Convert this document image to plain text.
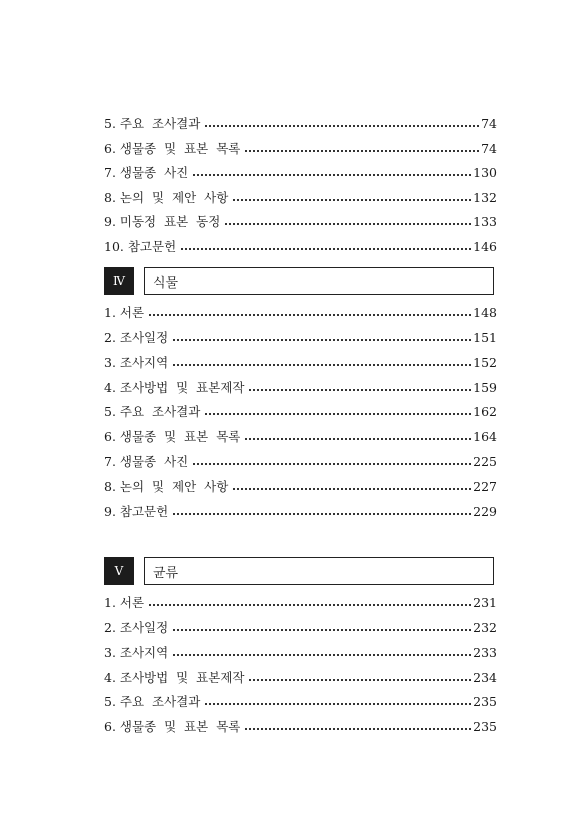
5. 주요  조사결과	74
6. 생물종  및  표본  목록	74
7. 생물종  사진	130
8. 논의  및  제안  사항	132
9. 미동정  표본  동정	133
10. 참고문헌	146
Ⅳ	식물
1. 서론	148
2. 조사일정	151
3. 조사지역	152
4. 조사방법  및  표본제작	159
5. 주요  조사결과	162
6. 생물종  및  표본  목록	164
7. 생물종  사진	225
8. 논의  및  제안  사항	227
9. 참고문헌	229
Ⅴ	균류
1. 서론	231
2. 조사일정	232
3. 조사지역	233
4. 조사방법  및  표본제작	234
5. 주요  조사결과	235
6. 생물종  및  표본  목록	235
